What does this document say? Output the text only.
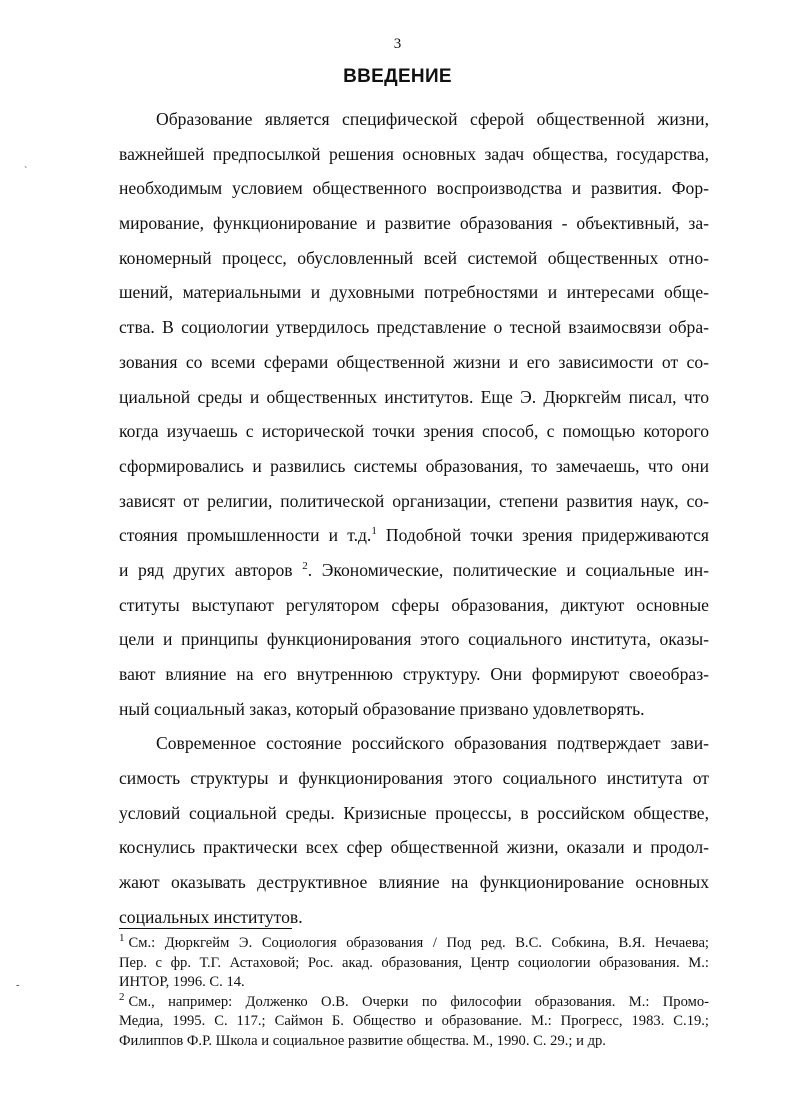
3
ВВЕДЕНИЕ
`
-
Образование является специфической сферой общественной жизни,
важнейшей предпосылкой решения основных задач общества, государства,
необходимым условием общественного воспроизводства и развития. Фор-
мирование, функционирование и развитие образования - объективный, за-
кономерный процесс, обусловленный всей системой общественных отно-
шений, материальными и духовными потребностями и интересами обще-
ства. В социологии утвердилось представление о тесной взаимосвязи обра-
зования со всеми сферами общественной жизни и его зависимости от со-
циальной среды и общественных институтов. Еще Э. Дюркгейм писал, что
когда изучаешь с исторической точки зрения способ, с помощью которого
сформировались и развились системы образования, то замечаешь, что они
зависят от религии, политической организации, степени развития наук, со-
стояния промышленности и т.д.$^1$ Подобной точки зрения придерживаются
и ряд других авторов $^2$. Экономические, политические и социальные ин-
ституты выступают регулятором сферы образования, диктуют основные
цели и принципы функционирования этого социального института, оказы-
вают влияние на его внутреннюю структуру. Они формируют своеобраз-
ный социальный заказ, который образование призвано удовлетворять.
Современное состояние российского образования подтверждает зави-
симость структуры и функционирования этого социального института от
условий социальной среды. Кризисные процессы, в российском обществе,
коснулись практически всех сфер общественной жизни, оказали и продол-
жают оказывать деструктивное влияние на функционирование основных
социальных институтов.
$^1$ См.: Дюркгейм Э. Социология образования / Под ред. В.С. Собкина, В.Я. Нечаева;
Пер. с фр. Т.Г. Астаховой; Рос. акад. образования, Центр социологии образования. М.:
ИНТОР, 1996. С. 14.
$^2$ См., например: Долженко О.В. Очерки по философии образования. М.: Промо-
Медиа, 1995. С. 117.; Саймон Б. Общество и образование. М.: Прогресс, 1983. С.19.;
Филиппов Ф.Р. Школа и социальное развитие общества. М., 1990. С. 29.; и др.
